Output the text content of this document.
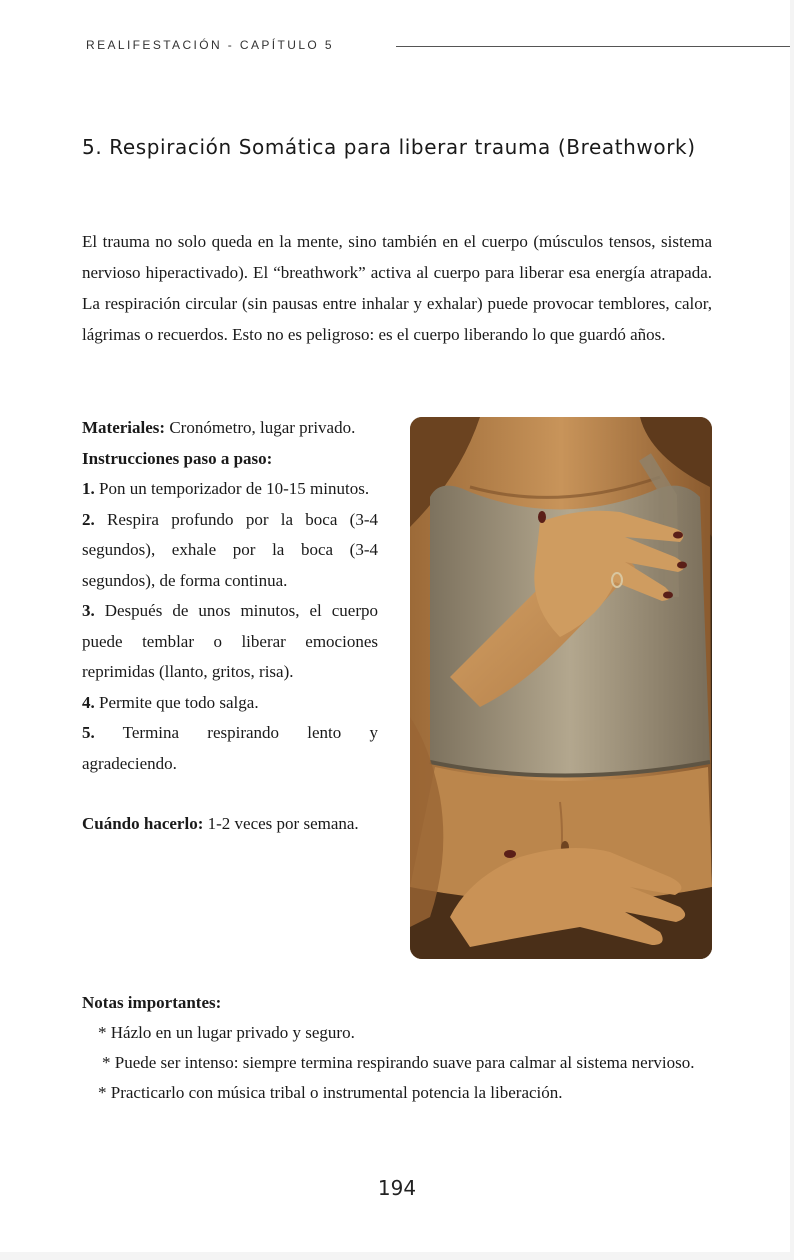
REALIFESTACIÓN - CAPÍTULO 5
5. Respiración Somática para liberar trauma (Breathwork)

El trauma no solo queda en la mente, sino también en el cuerpo (músculos tensos, sistema nervioso hiperactivado). El “breathwork” activa al cuerpo para liberar esa energía atrapada. La respiración circular (sin pausas entre inhalar y exhalar) puede provocar temblores, calor, lágrimas o recuerdos. Esto no es peligroso: es el cuerpo liberando lo que guardó años.

Materiales: Cronómetro, lugar privado.

Instrucciones paso a paso:

1. Pon un temporizador de 10-15 minutos.

2. Respira profundo por la boca (3-4 segundos), exhale por la boca (3-4 segundos), de forma continua.

3. Después de unos minutos, el cuerpo puede temblar o liberar emociones reprimidas (llanto, gritos, risa).

4. Permite que todo salga.

5. Termina respirando lento y agradeciendo.

Cuándo hacerlo: 1-2 veces por semana.

Notas importantes:

* Házlo en un lugar privado y seguro.

* Puede ser intenso: siempre termina respirando suave para calmar al sistema nervioso.

* Practicarlo con música tribal o instrumental potencia la liberación.

194
